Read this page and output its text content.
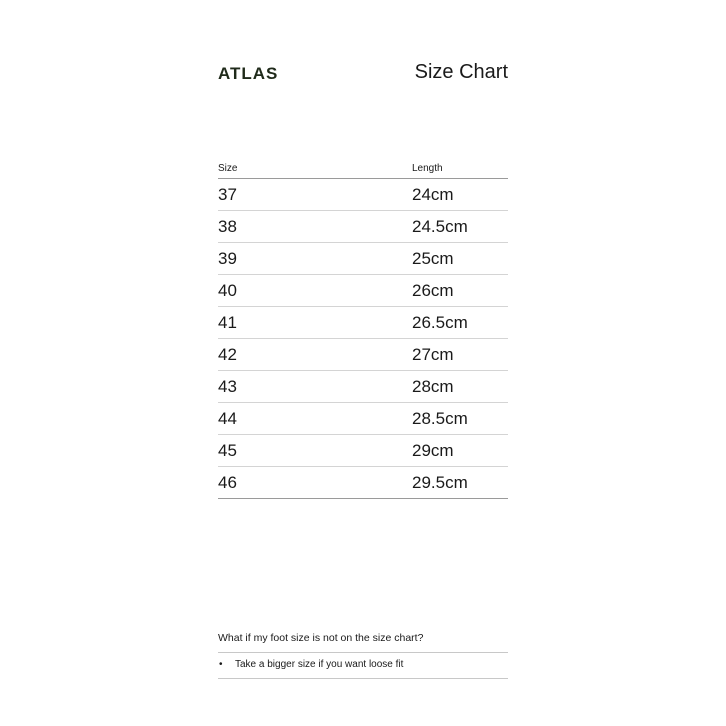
ATLAS	Size Chart
Size	Length
37	24cm
38	24.5cm
39	25cm
40	26cm
41	26.5cm
42	27cm
43	28cm
44	28.5cm
45	29cm
46	29.5cm
What if my foot size is not on the size chart?
•	Take a bigger size if you want loose fit
